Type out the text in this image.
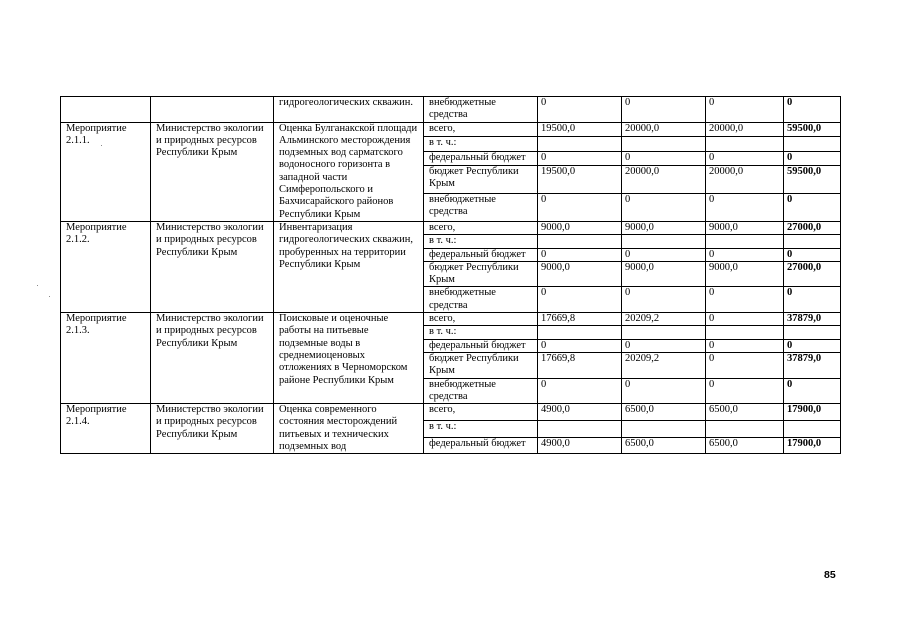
		гидрогеологических скважин.	внебюджетные средства	0	0	0	0
Мероприятие 2.1.1.	Министерство экологии и природных ресурсов Республики Крым	Оценка Булганакской площади Альминского месторождения подземных вод сарматского водоносного горизонта в западной части Симферопольского и Бахчисарайского районов Республики Крым	всего,	19500,0	20000,0	20000,0	59500,0
			в т. ч.:				
			федеральный бюджет	0	0	0	0
			бюджет Республики Крым	19500,0	20000,0	20000,0	59500,0
			внебюджетные средства	0	0	0	0
Мероприятие 2.1.2.	Министерство экологии и природных ресурсов Республики Крым	Инвентаризация гидрогеологических скважин, пробуренных на территории Республики Крым	всего,	9000,0	9000,0	9000,0	27000,0
			в т. ч.:				
			федеральный бюджет	0	0	0	0
			бюджет Республики Крым	9000,0	9000,0	9000,0	27000,0
			внебюджетные средства	0	0	0	0
Мероприятие 2.1.3.	Министерство экологии и природных ресурсов Республики Крым	Поисковые и оценочные работы на питьевые подземные воды в среднемиоценовых отложениях в Черноморском районе Республики Крым	всего,	17669,8	20209,2	0	37879,0
			в т. ч.:				
			федеральный бюджет	0	0	0	0
			бюджет Республики Крым	17669,8	20209,2	0	37879,0
			внебюджетные средства	0	0	0	0
Мероприятие 2.1.4.	Министерство экологии и природных ресурсов Республики Крым	Оценка современного состояния месторождений питьевых и технических подземных вод	всего,	4900,0	6500,0	6500,0	17900,0
			в т. ч.:				
			федеральный бюджет	4900,0	6500,0	6500,0	17900,0
85
·
·
·
